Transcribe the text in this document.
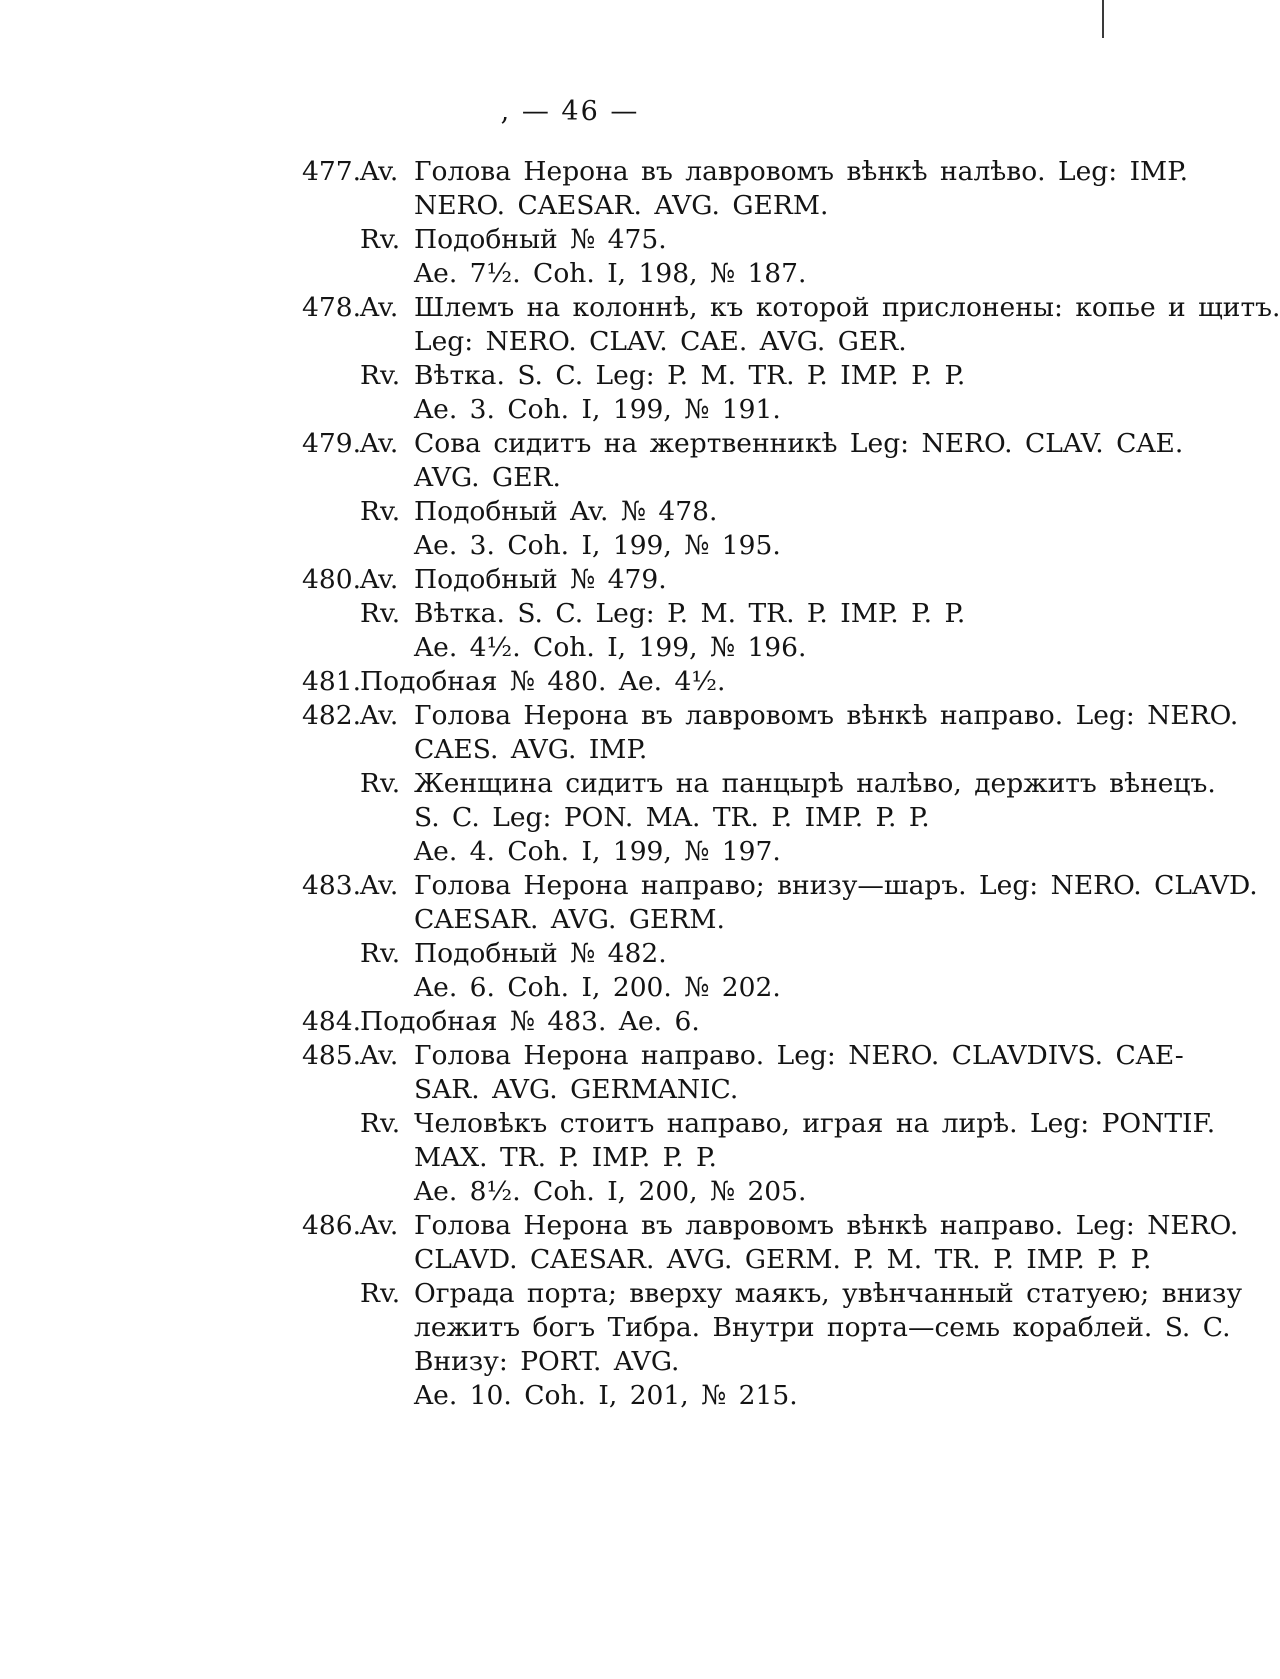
, — 46 —
477.Av. Голова Нерона въ лавровомъ вѣнкѣ налѣво. Leg: IMP.
NERO. CAESAR. AVG. GERM.
Rv. Подобный № 475.
Ae. 7½. Coh. I, 198, № 187.
478.Av. Шлемъ на колоннѣ, къ которой прислонены: копье и щитъ.
Leg: NERO. CLAV. CAE. AVG. GER.
Rv. Вѣтка. S. C. Leg: P. M. TR. P. IMP. P. P.
Ae. 3. Coh. I, 199, № 191.
479.Av. Сова сидитъ на жертвенникѣ Leg: NERO. CLAV. CAE.
AVG. GER.
Rv. Подобный Av. № 478.
Ae. 3. Coh. I, 199, № 195.
480.Av. Подобный № 479.
Rv. Вѣтка. S. C. Leg: P. M. TR. P. IMP. P. P.
Ae. 4½. Coh. I, 199, № 196.
481.Подобная № 480. Ae. 4½.
482.Av. Голова Нерона въ лавровомъ вѣнкѣ направо. Leg: NERO.
CAES. AVG. IMP.
Rv. Женщина сидитъ на панцырѣ налѣво, держитъ вѣнецъ.
S. C. Leg: PON. MA. TR. P. IMP. P. P.
Ae. 4. Coh. I, 199, № 197.
483.Av. Голова Нерона направо; внизу—шаръ. Leg: NERO. CLAVD.
CAESAR. AVG. GERM.
Rv. Подобный № 482.
Ae. 6. Coh. I, 200. № 202.
484.Подобная № 483. Ae. 6.
485.Av. Голова Нерона направо. Leg: NERO. CLAVDIVS. CAE-
SAR. AVG. GERMANIC.
Rv. Человѣкъ стоитъ направо, играя на лирѣ. Leg: PONTIF.
MAX. TR. P. IMP. P. P.
Ae. 8½. Coh. I, 200, № 205.
486.Av. Голова Нерона въ лавровомъ вѣнкѣ направо. Leg: NERO.
CLAVD. CAESAR. AVG. GERM. P. M. TR. P. IMP. P. P.
Rv. Ограда порта; вверху маякъ, увѣнчанный статуею; внизу
лежитъ богъ Тибра. Внутри порта—семь кораблей. S. C.
Внизу: PORT. AVG.
Ae. 10. Coh. I, 201, № 215.
